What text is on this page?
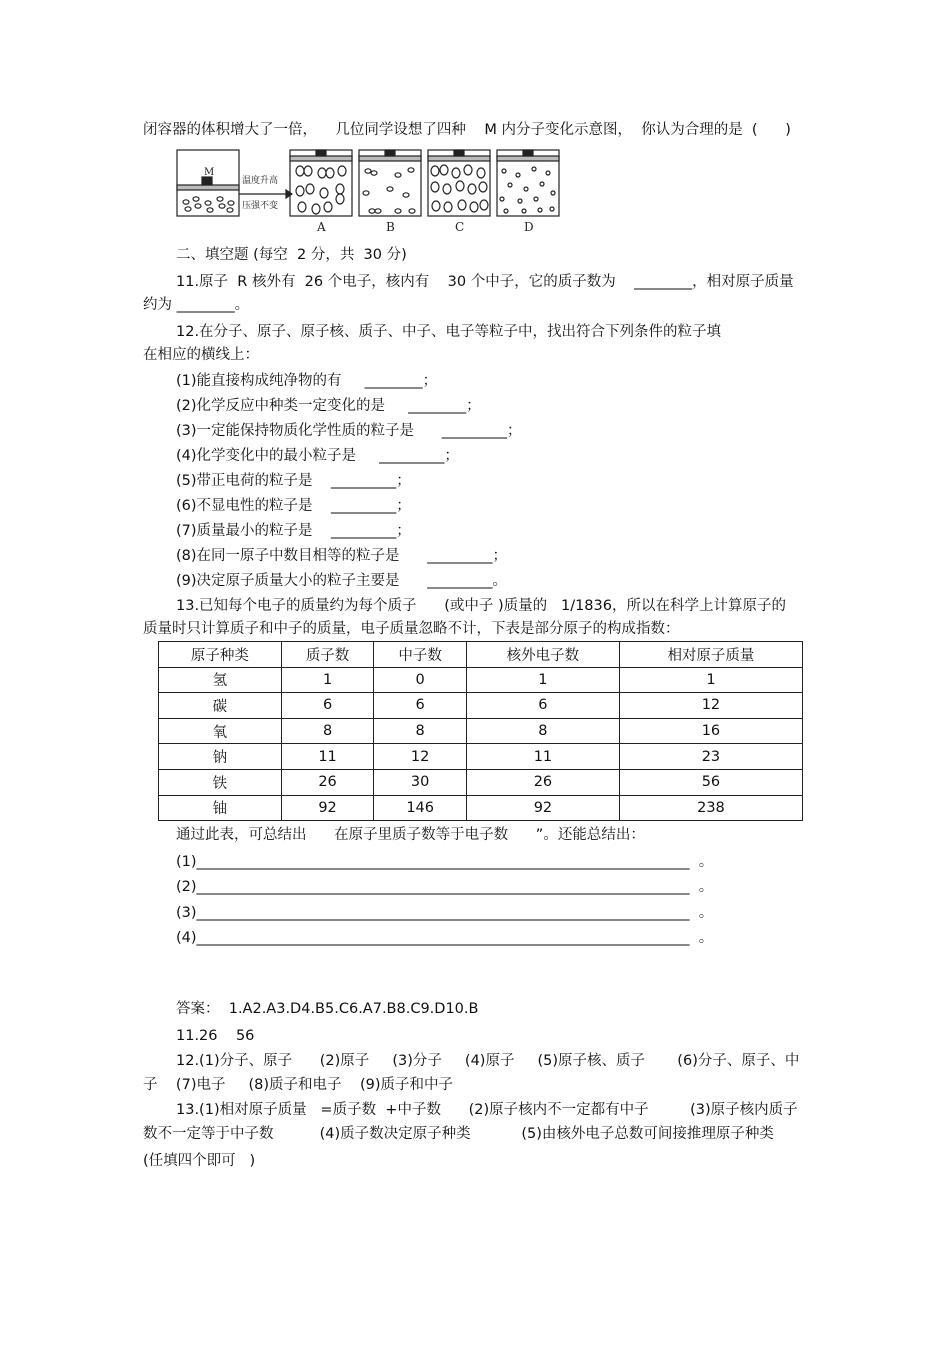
闭容器的体积增大了一倍，    几位同学设想了四种    M 内分子变化示意图，  你认为合理的是  (      )
M
温度升高
压强不变
A	B	C	D
二、填空题 (每空  2 分，共  30 分)
11.原子  R 核外有  26 个电子，核内有    30 个中子，它的质子数为    ________，相对原子质量
约为 ________。
12.在分子、原子、原子核、质子、中子、电子等粒子中，找出符合下列条件的粒子填
在相应的横线上：
(1)能直接构成纯净物的有     ________；
(2)化学反应中种类一定变化的是     ________；
(3)一定能保持物质化学性质的粒子是      _________；
(4)化学变化中的最小粒子是     _________；
(5)带正电荷的粒子是    _________；
(6)不显电性的粒子是    _________；
(7)质量最小的粒子是    _________；
(8)在同一原子中数目相等的粒子是      _________；
(9)决定原子质量大小的粒子主要是      _________。
13.已知每个电子的质量约为每个质子      (或中子 )质量的   1/1836，所以在科学上计算原子的
质量时只计算质子和中子的质量，电子质量忽略不计，下表是部分原子的构成指数：
原子种类	质子数	中子数	核外电子数	相对原子质量
氢	1	0	1	1
碳	6	6	6	12
氧	8	8	8	16
钠	11	12	11	23
铁	26	30	26	56
铀	92	146	92	238
通过此表，可总结出      在原子里质子数等于电子数      ”。还能总结出：
(1)____________________________________________________________________  。
(2)____________________________________________________________________  。
(3)____________________________________________________________________  。
(4)____________________________________________________________________  。
答案：  1.A2.A3.D4.B5.C6.A7.B8.C9.D10.B
11.26    56
12.(1)分子、原子      (2)原子     (3)分子     (4)原子     (5)原子核、质子       (6)分子、原子、中
子    (7)电子     (8)质子和电子    (9)质子和中子
13.(1)相对原子质量   =质子数  +中子数      (2)原子核内不一定都有中子         (3)原子核内质子
数不一定等于中子数          (4)质子数决定原子种类           (5)由核外电子总数可间接推理原子种类
(任填四个即可   )
